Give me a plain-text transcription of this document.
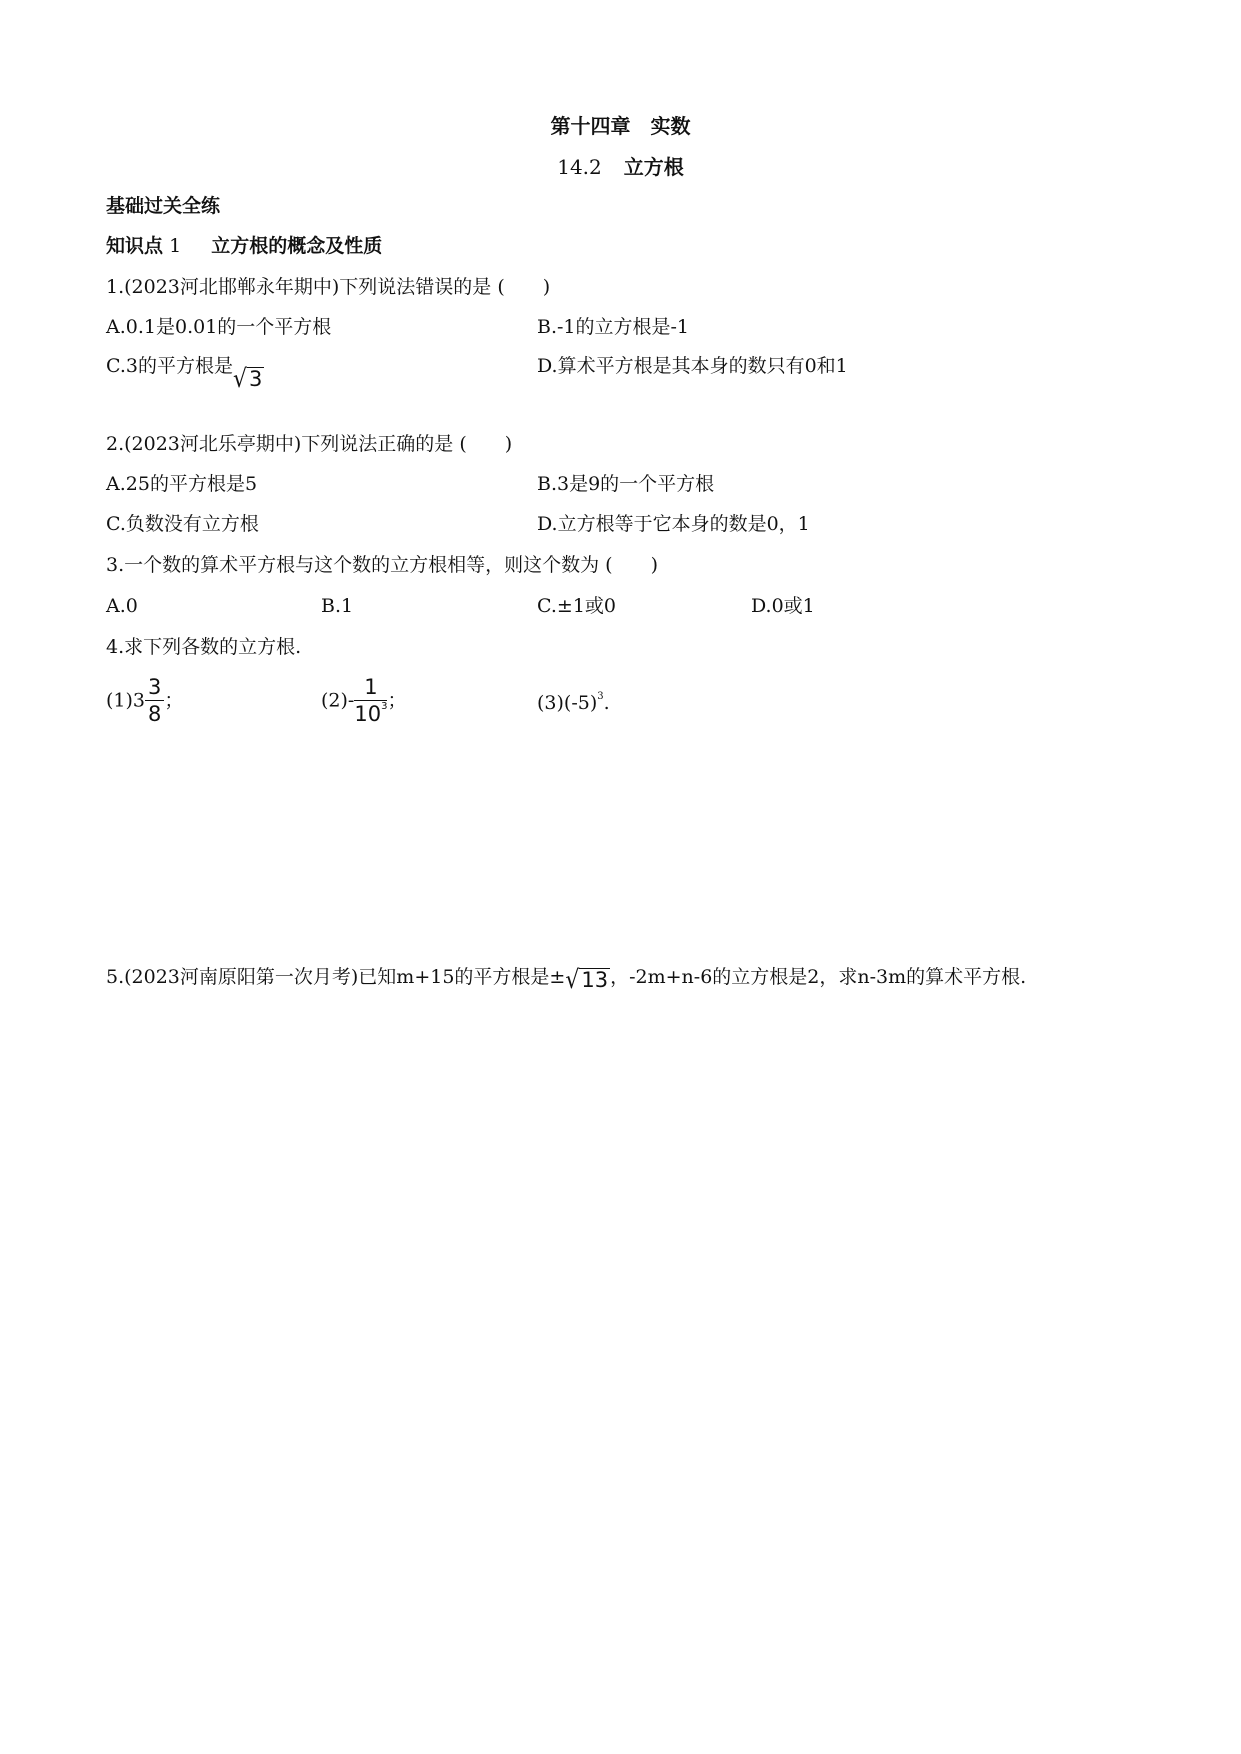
第十四章　实数
14.2 立方根
基础过关全练
知识点 1 立方根的概念及性质
1.(2023河北邯郸永年期中)下列说法错误的是 (　　)
A.0.1是0.01的一个平方根	B.-1的立方根是-1
C.3的平方根是√3
D.算术平方根是其本身的数只有0和1
2.(2023河北乐亭期中)下列说法正确的是 (　　)
A.25的平方根是5	B.3是9的一个平方根
C.负数没有立方根	D.立方根等于它本身的数是0，1
3.一个数的算术平方根与这个数的立方根相等，则这个数为 (　　)
A.0	B.1	C.±1或0	D.0或1
4.求下列各数的立方根.
$(1)3 \frac{3}{8}$ ；	$(2)- \frac{1}{10^3}$ ；	$(3)(-5)^3$.
5.(2023河南原阳第一次月考)已知m+15的平方根是±√13 ，-2m+n-6的立方根是2，求n-3m的算术平方根.
